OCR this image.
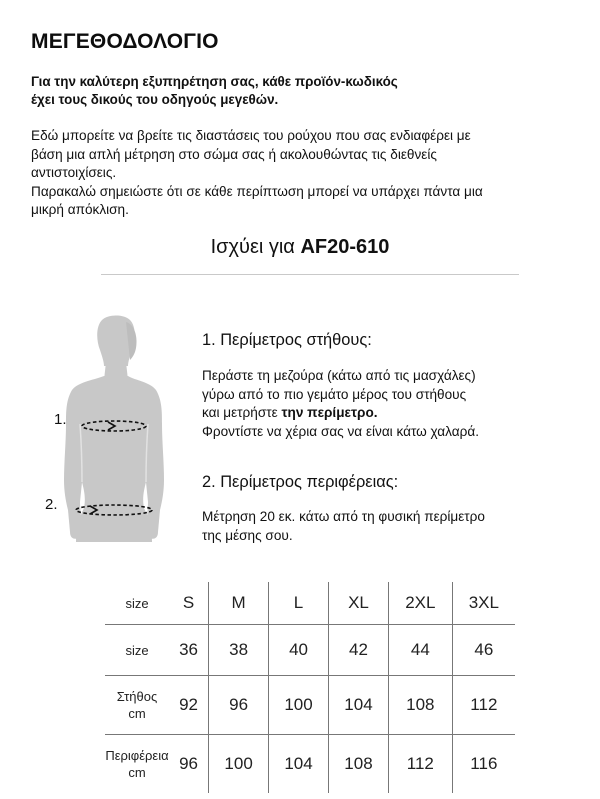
ΜΕΓΕΘΟΔΟΛΟΓΙΟ
Για την καλύτερη εξυπηρέτηση σας, κάθε προϊόν-κωδικός
έχει τους δικούς του οδηγούς μεγεθών.
Εδώ μπορείτε να βρείτε τις διαστάσεις του ρούχου που σας ενδιαφέρει με
βάση μια απλή μέτρηση στο σώμα σας ή ακολουθώντας τις διεθνείς
αντιστοιχίσεις.
Παρακαλώ σημειώστε ότι σε κάθε περίπτωση μπορεί να υπάρχει πάντα μια
μικρή απόκλιση.
Ισχύει για AF20-610
1.
2.
1. Περίμετρος στήθους:
Περάστε τη μεζούρα (κάτω από τις μασχάλες)
γύρω από το πιο γεμάτο μέρος του στήθους
και μετρήστε την περίμετρο.
Φροντίστε να χέρια σας να είναι κάτω χαλαρά.
2. Περίμετρος περιφέρειας:
Μέτρηση 20 εκ. κάτω από τη φυσική περίμετρο
της μέσης σου.
size	S	M	L	XL	2XL	3XL
size	36	38	40	42	44	46

Στήθος
cm	92	96	100	104	108	112

Περιφέρεια
cm	96	100	104	108	112	116
